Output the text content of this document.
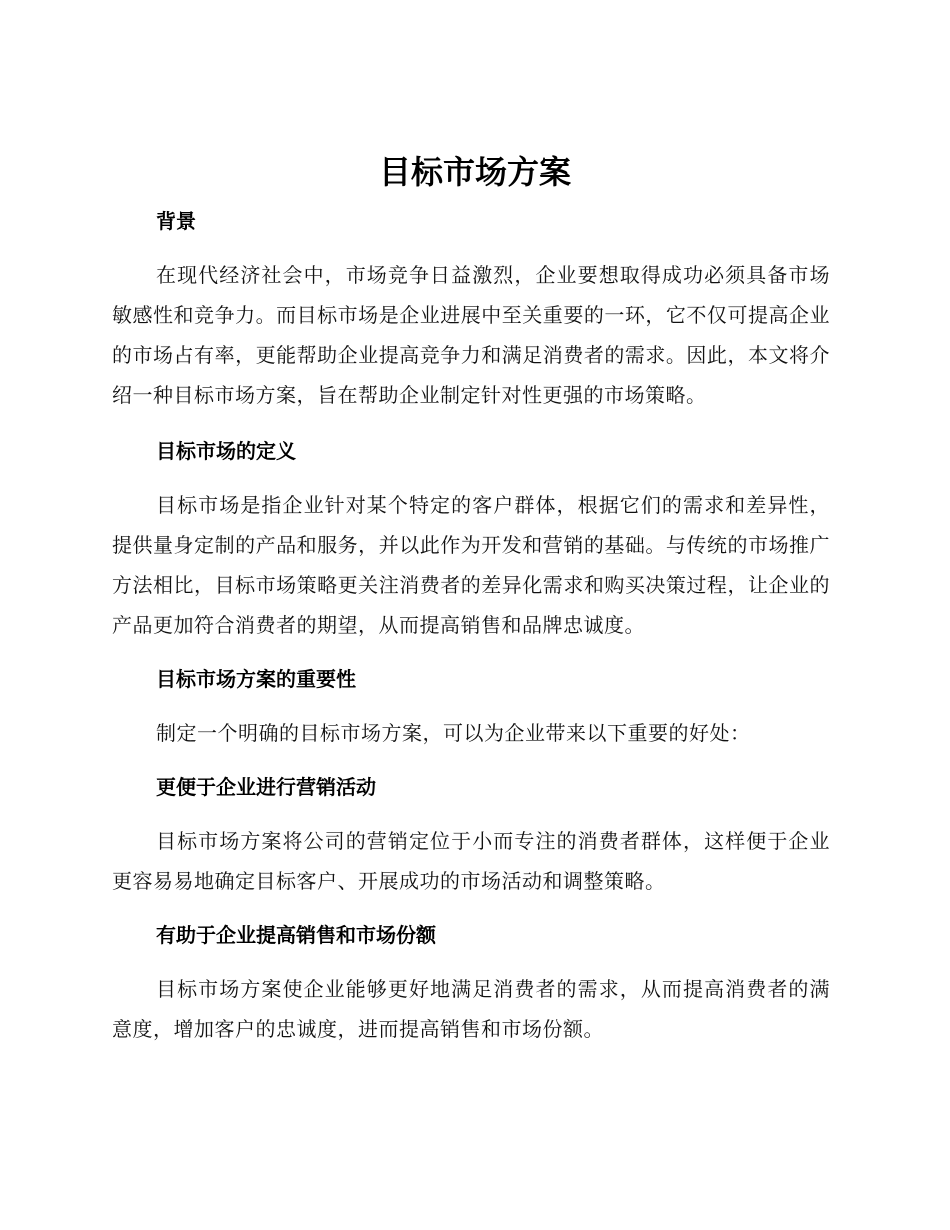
目标市场方案
背景

在现代经济社会中，市场竞争日益激烈，企业要想取得成功必须具备市场敏感性和竞争力。而目标市场是企业进展中至关重要的一环，它不仅可提高企业的市场占有率，更能帮助企业提高竞争力和满足消费者的需求。因此，本文将介绍一种目标市场方案，旨在帮助企业制定针对性更强的市场策略。

目标市场的定义

目标市场是指企业针对某个特定的客户群体，根据它们的需求和差异性，提供量身定制的产品和服务，并以此作为开发和营销的基础。与传统的市场推广方法相比，目标市场策略更关注消费者的差异化需求和购买决策过程，让企业的产品更加符合消费者的期望，从而提高销售和品牌忠诚度。

目标市场方案的重要性

制定一个明确的目标市场方案，可以为企业带来以下重要的好处：

更便于企业进行营销活动

目标市场方案将公司的营销定位于小而专注的消费者群体，这样便于企业更容易易地确定目标客户、开展成功的市场活动和调整策略。

有助于企业提高销售和市场份额

目标市场方案使企业能够更好地满足消费者的需求，从而提高消费者的满意度，增加客户的忠诚度，进而提高销售和市场份额。
